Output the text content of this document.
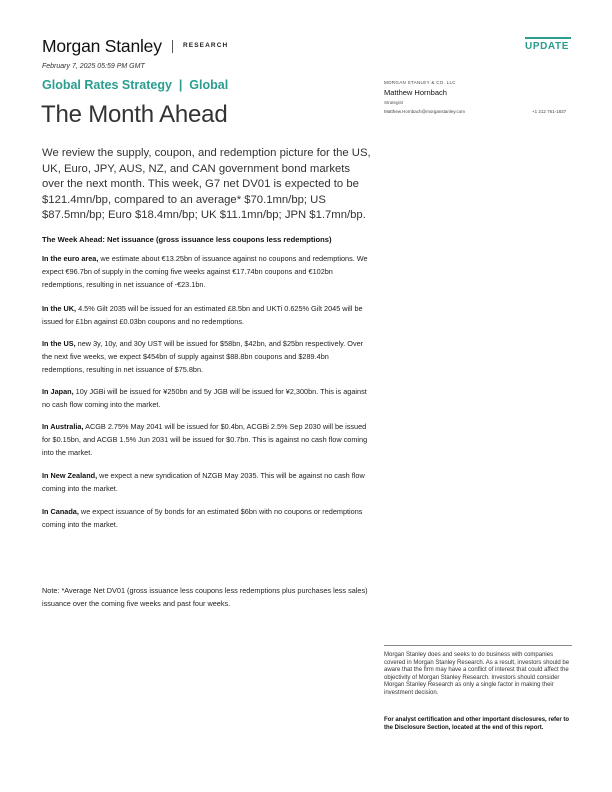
Morgan Stanley	RESEARCH	UPDATE
February 7, 2025 05:59 PM GMT
Global Rates Strategy  |  Global
The Month Ahead
MORGAN STANLEY & CO. LLC
Matthew Hornbach
Strategist
Matthew.Hornbach@morganstanley.com	+1 212 761-1837

We review the supply, coupon, and redemption picture for the US, UK, Euro, JPY, AUS, NZ, and CAN government bond markets over the next month. This week, G7 net DV01 is expected to be $121.4mn/bp, compared to an average* $70.1mn/bp; US $87.5mn/bp; Euro $18.4mn/bp; UK $11.1mn/bp; JPN $1.7mn/bp.

The Week Ahead: Net issuance (gross issuance less coupons less redemptions)

In the euro area, we estimate about €13.25bn of issuance against no coupons and redemptions. We expect €96.7bn of supply in the coming five weeks against €17.74bn coupons and €102bn redemptions, resulting in net issuance of -€23.1bn.

In the UK, 4.5% Gilt 2035 will be issued for an estimated £8.5bn and UKTi 0.625% Gilt 2045 will be issued for £1bn against £0.03bn coupons and no redemptions.

In the US, new 3y, 10y, and 30y UST will be issued for $58bn, $42bn, and $25bn respectively. Over the next five weeks, we expect $454bn of supply against $88.8bn coupons and $289.4bn redemptions, resulting in net issuance of $75.8bn.

In Japan, 10y JGBi will be issued for ¥250bn and 5y JGB will be issued for ¥2,300bn. This is against no cash flow coming into the market.

In Australia, ACGB 2.75% May 2041 will be issued for $0.4bn, ACGBi 2.5% Sep 2030 will be issued for $0.15bn, and ACGB 1.5% Jun 2031 will be issued for $0.7bn. This is against no cash flow coming into the market.

In New Zealand, we expect a new syndication of NZGB May 2035. This will be against no cash flow coming into the market.

In Canada, we expect issuance of 5y bonds for an estimated $6bn with no coupons or redemptions coming into the market.

Note: *Average Net DV01 (gross issuance less coupons less redemptions plus purchases less sales) issuance over the coming five weeks and past four weeks.

Morgan Stanley does and seeks to do business with companies covered in Morgan Stanley Research. As a result, investors should be aware that the firm may have a conflict of interest that could affect the objectivity of Morgan Stanley Research. Investors should consider Morgan Stanley Research as only a single factor in making their investment decision.

For analyst certification and other important disclosures, refer to the Disclosure Section, located at the end of this report.
